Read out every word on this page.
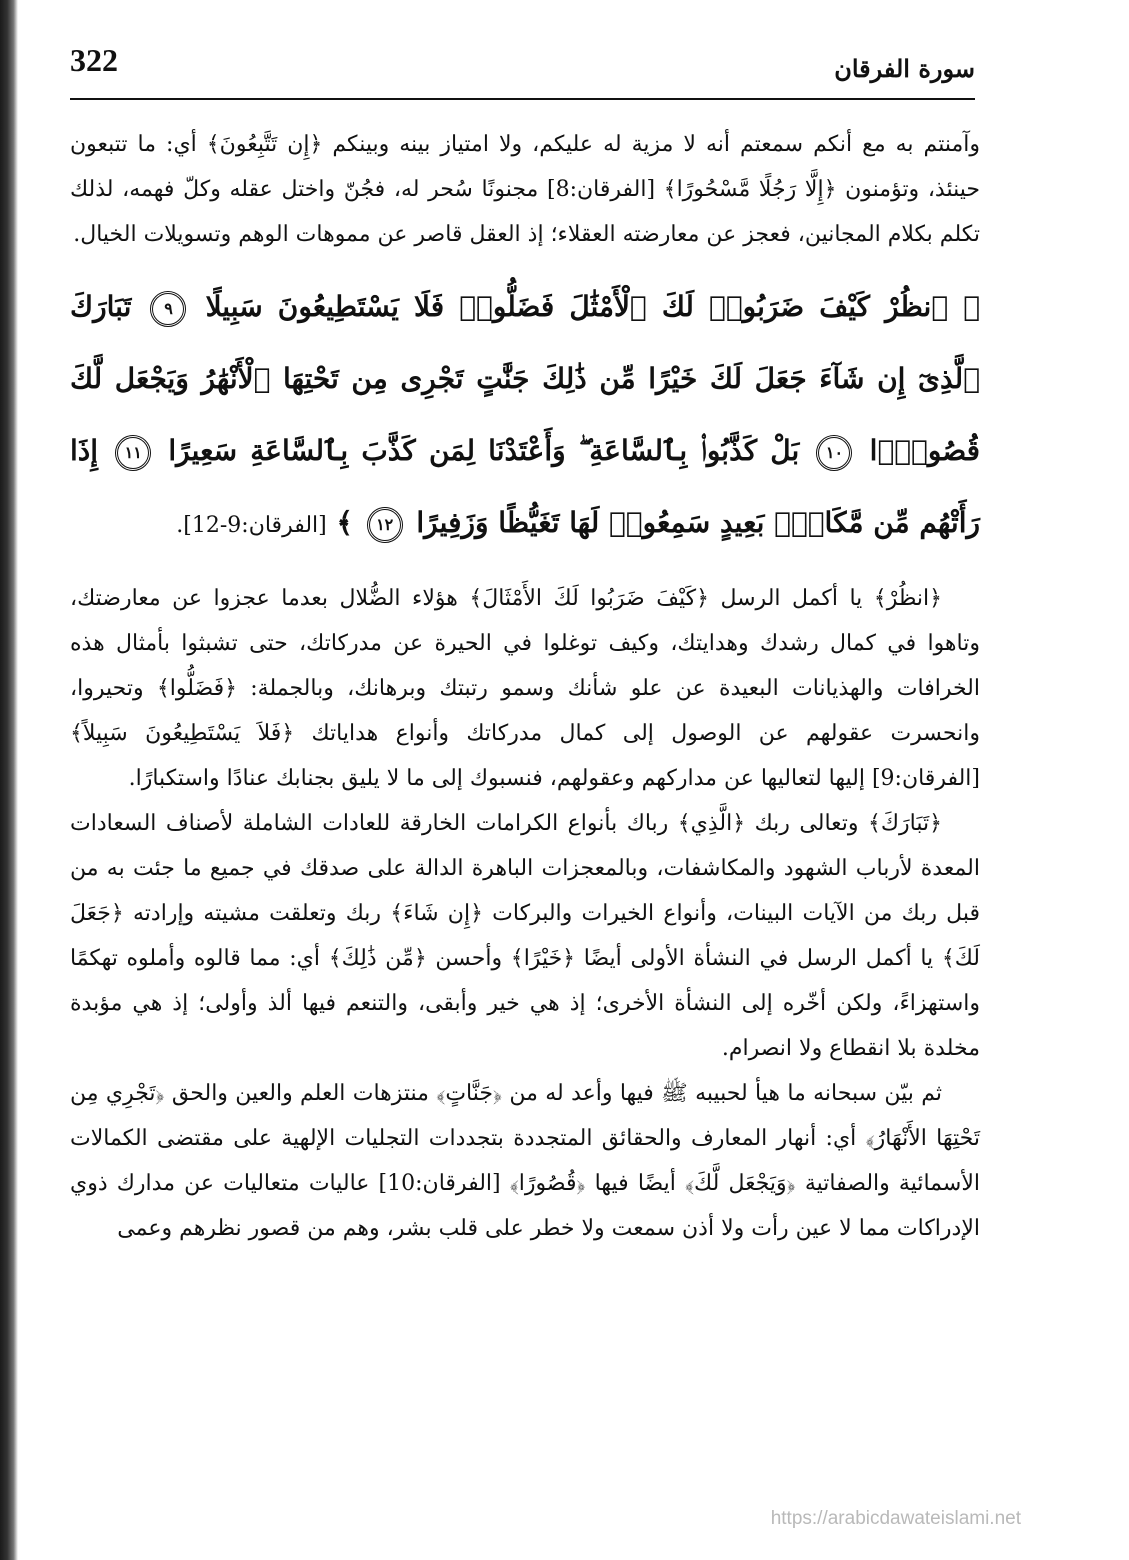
322	سورة الفرقان

وآمنتم به مع أنكم سمعتم أنه لا مزية له عليكم، ولا امتياز بينه وبينكم ﴿إِن تَتَّبِعُونَ﴾ أي: ما تتبعون حينئذ، وتؤمنون ﴿إِلَّا رَجُلًا مَّسْحُورًا﴾ [الفرقان:8] مجنونًا سُحر له، فجُنّ واختل عقله وكلّ فهمه، لذلك تكلم بكلام المجانين، فعجز عن معارضته العقلاء؛ إذ العقل قاصر عن مموهات الوهم وتسويلات الخيال.

﴿ ٱنظُرْ كَيْفَ ضَرَبُوا۟ لَكَ ٱلْأَمْثَٰلَ فَضَلُّوا۟ فَلَا يَسْتَطِيعُونَ سَبِيلًا ٩ تَبَارَكَ ٱلَّذِىٓ إِن شَآءَ جَعَلَ لَكَ خَيْرًا مِّن ذَٰلِكَ جَنَّٰتٍ تَجْرِى مِن تَحْتِهَا ٱلْأَنْهَٰرُ وَيَجْعَل لَّكَ قُصُورًۢا ١٠ بَلْ كَذَّبُوا۟ بِٱلسَّاعَةِ ۖ وَأَعْتَدْنَا لِمَن كَذَّبَ بِٱلسَّاعَةِ سَعِيرًا ١١ إِذَا رَأَتْهُم مِّن مَّكَانٍۭ بَعِيدٍ سَمِعُوا۟ لَهَا تَغَيُّظًا وَزَفِيرًا ١٢ ﴾ [الفرقان:9-12].

﴿انظُرْ﴾ يا أكمل الرسل ﴿كَيْفَ ضَرَبُوا لَكَ الأَمْثَالَ﴾ هؤلاء الضُّلال بعدما عجزوا عن معارضتك، وتاهوا في كمال رشدك وهدايتك، وكيف توغلوا في الحيرة عن مدركاتك، حتى تشبثوا بأمثال هذه الخرافات والهذيانات البعيدة عن علو شأنك وسمو رتبتك وبرهانك، وبالجملة: ﴿فَضَلُّوا﴾ وتحيروا، وانحسرت عقولهم عن الوصول إلى كمال مدركاتك وأنواع هداياتك ﴿فَلاَ يَسْتَطِيعُونَ سَبِيلاً﴾ [الفرقان:9] إليها لتعاليها عن مداركهم وعقولهم، فنسبوك إلى ما لا يليق بجنابك عنادًا واستكبارًا.

﴿تَبَارَكَ﴾ وتعالى ربك ﴿الَّذِي﴾ رباك بأنواع الكرامات الخارقة للعادات الشاملة لأصناف السعادات المعدة لأرباب الشهود والمكاشفات، وبالمعجزات الباهرة الدالة على صدقك في جميع ما جئت به من قبل ربك من الآيات البينات، وأنواع الخيرات والبركات ﴿إِن شَاءَ﴾ ربك وتعلقت مشيته وإرادته ﴿جَعَلَ لَكَ﴾ يا أكمل الرسل في النشأة الأولى أيضًا ﴿خَيْرًا﴾ وأحسن ﴿مِّن ذَٰلِكَ﴾ أي: مما قالوه وأملوه تهكمًا واستهزاءً، ولكن أخّره إلى النشأة الأخرى؛ إذ هي خير وأبقى، والتنعم فيها ألذ وأولى؛ إذ هي مؤبدة مخلدة بلا انقطاع ولا انصرام.

ثم بيّن سبحانه ما هيأ لحبيبه ﷺ فيها وأعد له من ﴿جَنَّاتٍ﴾ منتزهات العلم والعين والحق ﴿تَجْرِي مِن تَحْتِهَا الأَنْهَارُ﴾ أي: أنهار المعارف والحقائق المتجددة بتجددات التجليات الإلهية على مقتضى الكمالات الأسمائية والصفاتية ﴿وَيَجْعَل لَّكَ﴾ أيضًا فيها ﴿قُصُورًا﴾ [الفرقان:10] عاليات متعاليات عن مدارك ذوي الإدراكات مما لا عين رأت ولا أذن سمعت ولا خطر على قلب بشر، وهم من قصور نظرهم وعمى

https://arabicdawateislami.net
